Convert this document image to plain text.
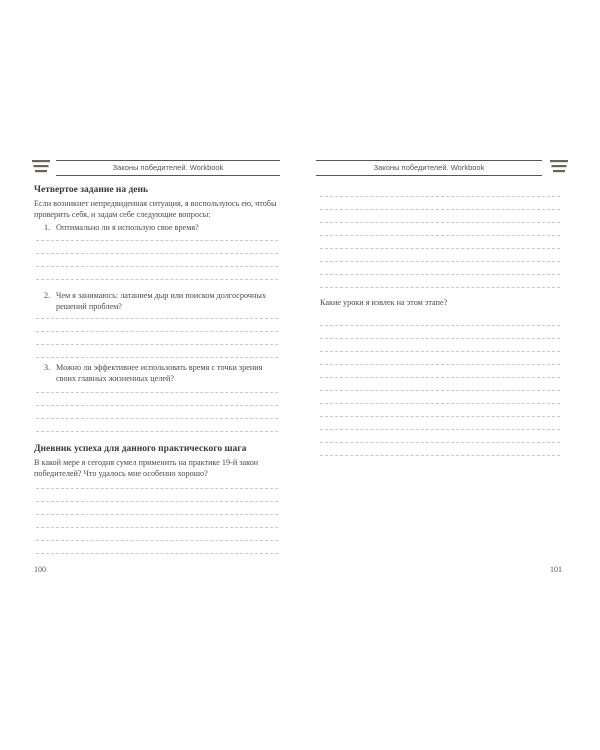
Законы победителей. Workbook
Четвертое задание на день

Если возникнет непредвиденная ситуация, я воспользуюсь ею, чтобы проверить себя, и задам себе следующие вопросы:

1. Оптимально ли я использую свое время?
2. Чем я занимаюсь: латанием дыр или поиском долгосрочных решений проблем?
3. Можно ли эффективнее использовать время с точки зрения своих главных жизненных целей?
Дневник успеха для данного практического шага

В какой мере я сегодня сумел применить на практике 19-й закон победителей? Что удалось мне особенно хорошо?

100
Законы победителей. Workbook

Какие уроки я извлек на этом этапе?

101
